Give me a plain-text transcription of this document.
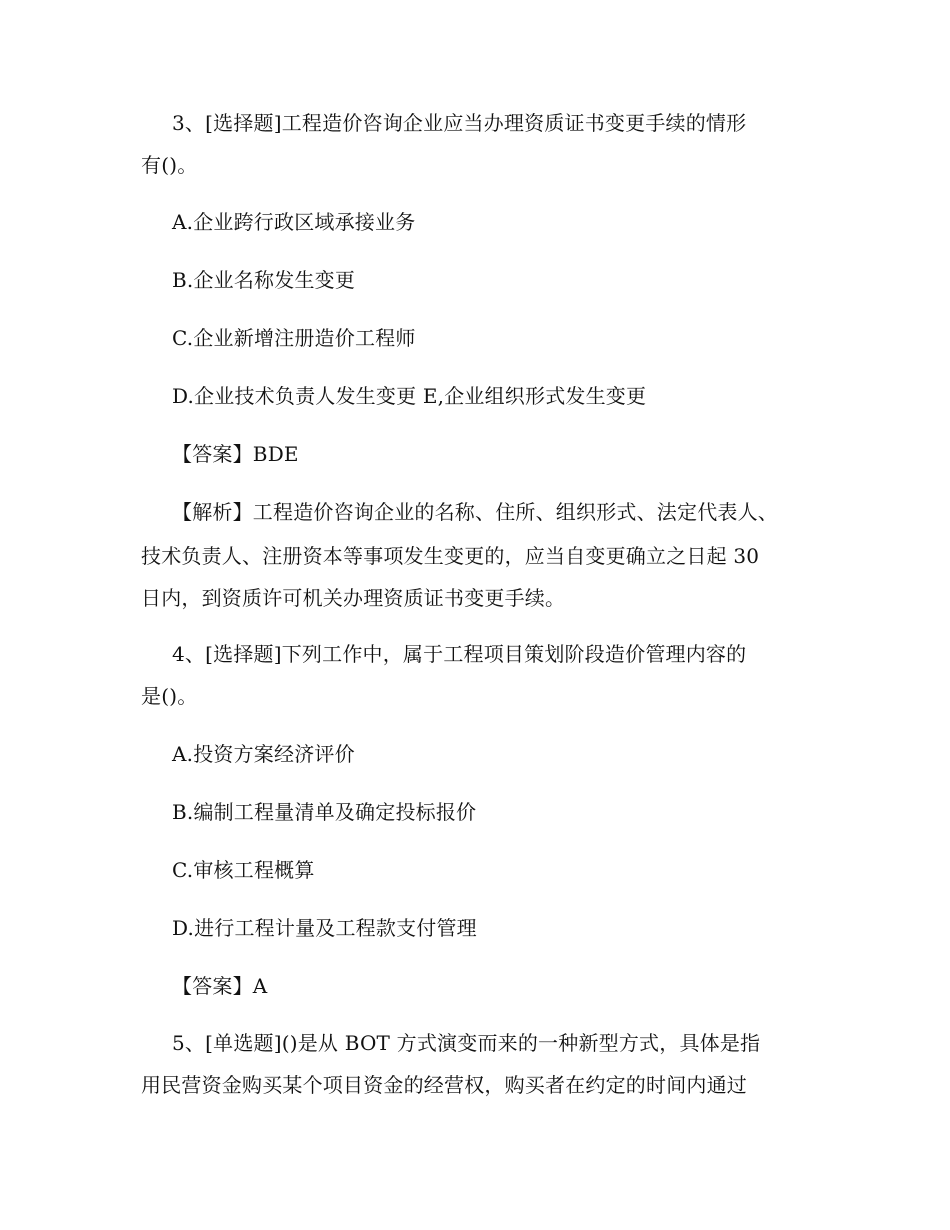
3、[选择题]工程造价咨询企业应当办理资质证书变更手续的情形

有()。

A.企业跨行政区域承接业务

B.企业名称发生变更

C.企业新增注册造价工程师

D.企业技术负责人发生变更 E,企业组织形式发生变更

【答案】BDE

【解析】工程造价咨询企业的名称、住所、组织形式、法定代表人、

技术负责人、注册资本等事项发生变更的，应当自变更确立之日起 30

日内，到资质许可机关办理资质证书变更手续。

4、[选择题]下列工作中，属于工程项目策划阶段造价管理内容的

是()。

A.投资方案经济评价

B.编制工程量清单及确定投标报价

C.审核工程概算

D.进行工程计量及工程款支付管理

【答案】A

5、[单选题]()是从 BOT 方式演变而来的一种新型方式，具体是指

用民营资金购买某个项目资金的经营权，购买者在约定的时间内通过
